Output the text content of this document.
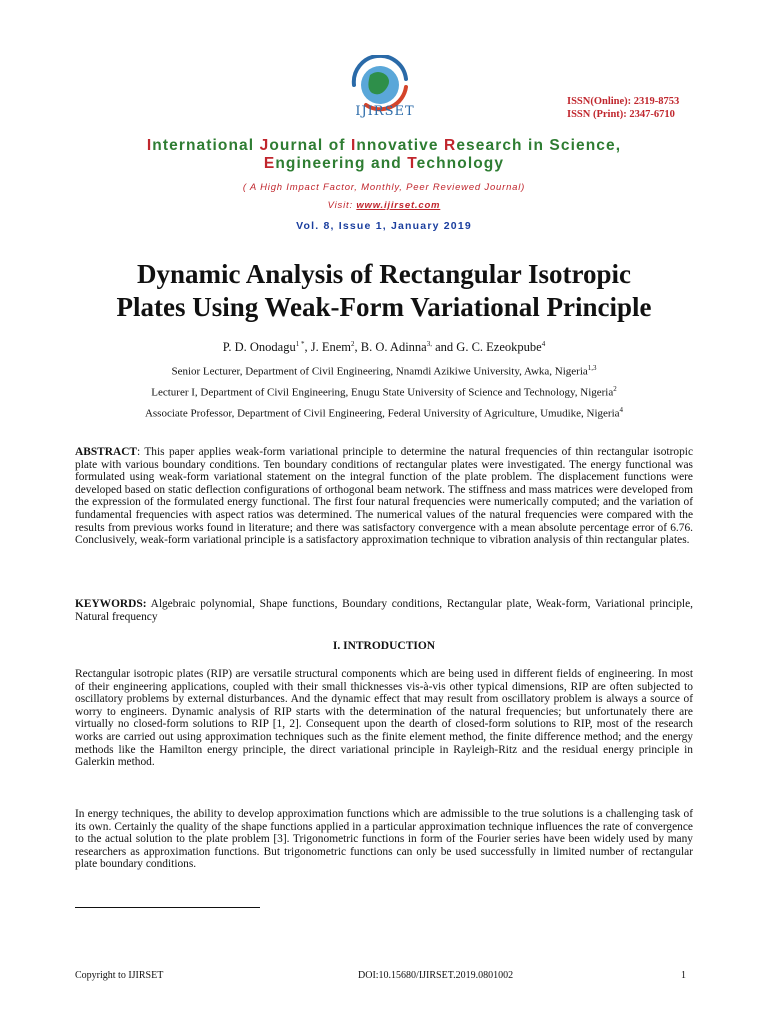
IJIRSET
ISSN(Online): 2319-8753
ISSN (Print): 2347-6710
International Journal of Innovative Research in Science,
Engineering and Technology
( A High Impact Factor, Monthly, Peer Reviewed Journal)
Visit: www.ijirset.com
Vol. 8, Issue 1, January 2019
Dynamic Analysis of Rectangular Isotropic
Plates Using Weak-Form Variational Principle
P. D. Onodagu$^{1 *}$, J. Enem$^2$, B. O. Adinna$^{3,}$ and G. C. Ezeokpube$^4$
Senior Lecturer, Department of Civil Engineering, Nnamdi Azikiwe University, Awka, Nigeria$^{1,3}$
Lecturer I, Department of Civil Engineering, Enugu State University of Science and Technology, Nigeria$^2$
Associate Professor, Department of Civil Engineering, Federal University of Agriculture, Umudike, Nigeria$^4$
ABSTRACT: This paper applies weak-form variational principle to determine the natural frequencies of thin rectangular isotropic plate with various boundary conditions. Ten boundary conditions of rectangular plates were investigated. The energy functional was formulated using weak-form variational statement on the integral function of the plate problem. The displacement functions were developed based on static deflection configurations of orthogonal beam network. The stiffness and mass matrices were developed from the expression of the formulated energy functional. The first four natural frequencies were numerically computed; and the variation of fundamental frequencies with aspect ratios was determined. The numerical values of the natural frequencies were compared with the results from previous works found in literature; and there was satisfactory convergence with a mean absolute percentage error of 6.76. Conclusively, weak-form variational principle is a satisfactory approximation technique to vibration analysis of thin rectangular plates.
KEYWORDS: Algebraic polynomial, Shape functions, Boundary conditions, Rectangular plate, Weak-form, Variational principle, Natural frequency
I. INTRODUCTION
Rectangular isotropic plates (RIP) are versatile structural components which are being used in different fields of engineering. In most of their engineering applications, coupled with their small thicknesses vis-à-vis other typical dimensions, RIP are often subjected to oscillatory problems by external disturbances. And the dynamic effect that may result from oscillatory problem is always a source of worry to engineers. Dynamic analysis of RIP starts with the determination of the natural frequencies; but unfortunately there are virtually no closed-form solutions to RIP [1, 2]. Consequent upon the dearth of closed-form solutions to RIP, most of the research works are carried out using approximation techniques such as the finite element method, the finite difference method; and the energy methods like the Hamilton energy principle, the direct variational principle in Rayleigh-Ritz and the residual energy principle in Galerkin method.
In energy techniques, the ability to develop approximation functions which are admissible to the true solutions is a challenging task of its own. Certainly the quality of the shape functions applied in a particular approximation technique influences the rate of convergence to the actual solution to the plate problem [3]. Trigonometric functions in form of the Fourier series have been widely used by many researchers as approximation functions. But trigonometric functions can only be used successfully in limited number of rectangular plate boundary conditions.
Copyright to IJIRSET	DOI:10.15680/IJIRSET.2019.0801002	1
